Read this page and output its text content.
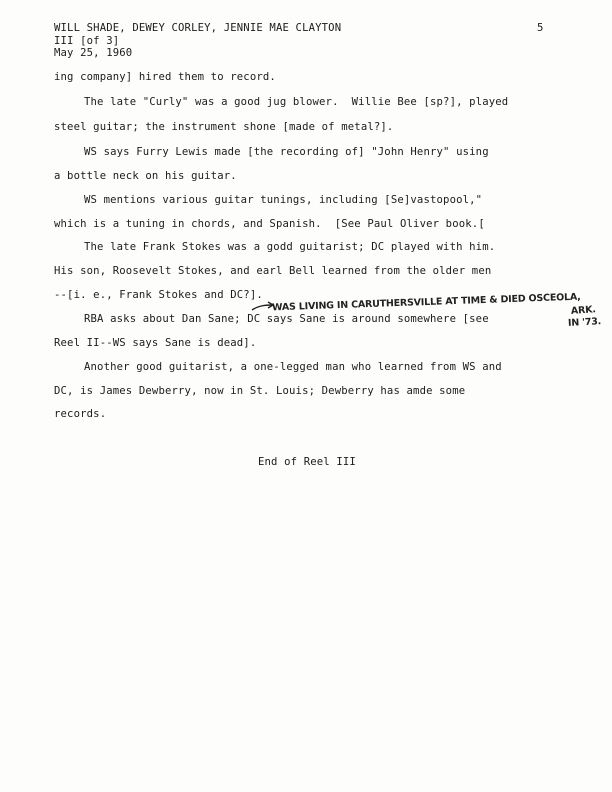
WILL SHADE, DEWEY CORLEY, JENNIE MAE CLAYTON	5
III [of 3]
May 25, 1960
ing company] hired them to record.
The late "Curly" was a good jug blower.  Willie Bee [sp?], played
steel guitar; the instrument shone [made of metal?].
WS says Furry Lewis made [the recording of] "John Henry" using
a bottle neck on his guitar.
WS mentions various guitar tunings, including [Se]vastopool,"
which is a tuning in chords, and Spanish.  [See Paul Oliver book.[
The late Frank Stokes was a godd guitarist; DC played with him.
His son, Roosevelt Stokes, and earl Bell learned from the older men
--[i. e., Frank Stokes and DC?].
RBA asks about Dan Sane; DC says Sane is around somewhere [see
Reel II--WS says Sane is dead].
Another good guitarist, a one-legged man who learned from WS and
DC, is James Dewberry, now in St. Louis; Dewberry has amde some
records.
End of Reel III
WAS LIVING IN CARUTHERSVILLE AT TIME & DIED OSCEOLA,
ARK.
IN '73.
